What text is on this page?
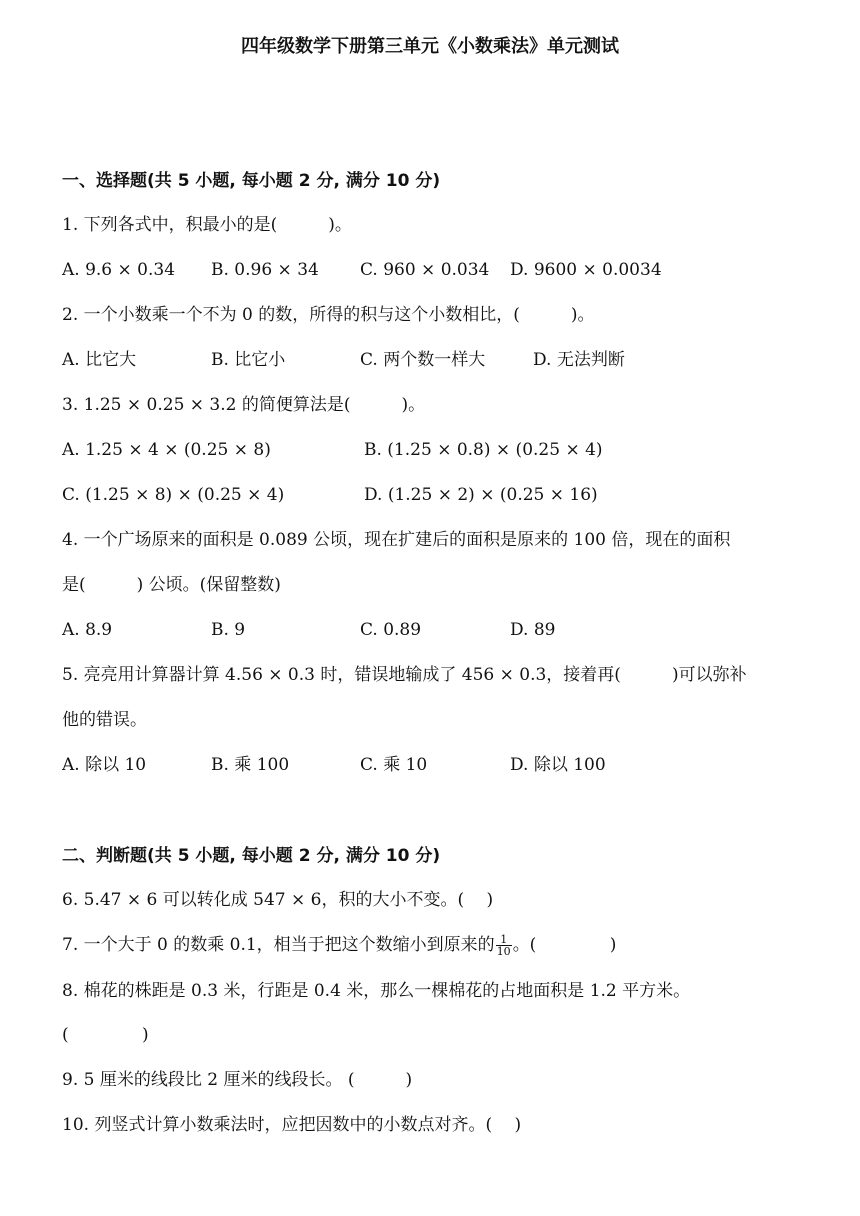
四年级数学下册第三单元《小数乘法》单元测试
一、选择题(共 5 小题, 每小题 2 分, 满分 10 分)
1. 下列各式中，积最小的是(　　　)。
A. 9.6 × 0.34 B. 0.96 × 34 C. 960 × 0.034 D. 9600 × 0.0034
2. 一个小数乘一个不为 0 的数，所得的积与这个小数相比，(　　　)。
A. 比它大	B. 比它小	C. 两个数一样大	D. 无法判断
3. 1.25 × 0.25 × 3.2 的简便算法是(　　　)。
A. 1.25 × 4 × (0.25 × 8)	B. (1.25 × 0.8) × (0.25 × 4)
C. (1.25 × 8) × (0.25 × 4)	D. (1.25 × 2) × (0.25 × 16)
4. 一个广场原来的面积是 0.089 公顷，现在扩建后的面积是原来的 100 倍，现在的面积
是(　　　) 公顷。(保留整数)
A. 8.9	B. 9	C. 0.89	D. 89
5. 亮亮用计算器计算 4.56 × 0.3 时，错误地输成了 456 × 0.3，接着再(　　　)可以弥补
他的错误。
A. 除以 10	B. 乘 100	C. 乘 10	D. 除以 100
二、判断题(共 5 小题, 每小题 2 分, 满分 10 分)
6. 5.47 × 6 可以转化成 547 × 6，积的大小不变。(　 )
7. 一个大于 0 的数乘 0.1，相当于把这个数缩小到原来的 $\frac{1}{10}$ 。(　　　　 )
8. 棉花的株距是 0.3 米，行距是 0.4 米，那么一棵棉花的占地面积是 1.2 平方米。
(　　　　 )
9. 5 厘米的线段比 2 厘米的线段长。 (　　　)
10. 列竖式计算小数乘法时，应把因数中的小数点对齐。(　 )
